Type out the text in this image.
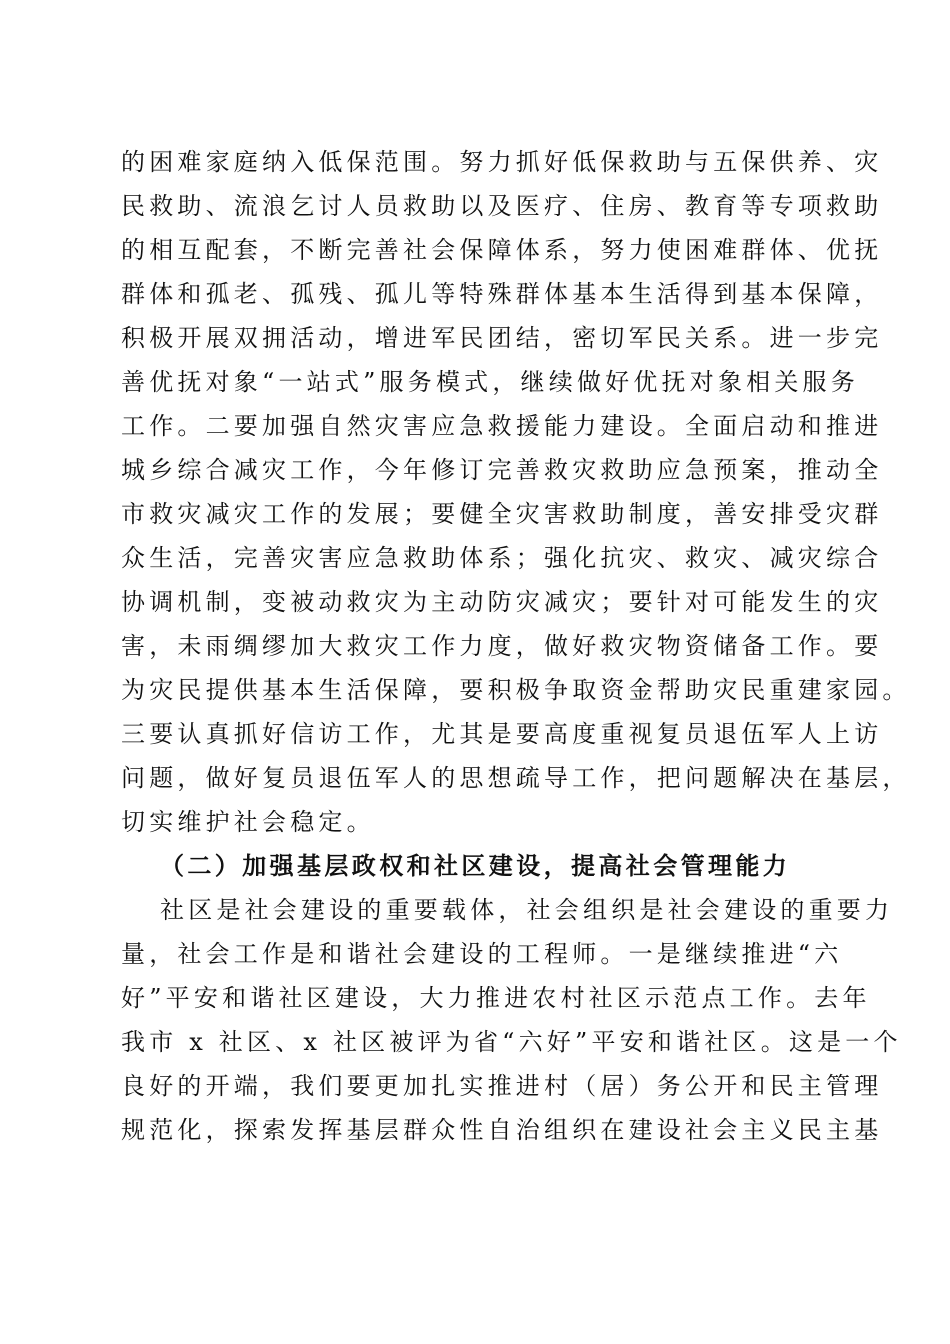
的困难家庭纳入低保范围。努力抓好低保救助与五保供养、灾
民救助、流浪乞讨人员救助以及医疗、住房、教育等专项救助
的相互配套，不断完善社会保障体系，努力使困难群体、优抚
群体和孤老、孤残、孤儿等特殊群体基本生活得到基本保障，
积极开展双拥活动，增进军民团结，密切军民关系。进一步完
善优抚对象“一站式”服务模式，继续做好优抚对象相关服务
工作。二要加强自然灾害应急救援能力建设。全面启动和推进
城乡综合减灾工作，今年修订完善救灾救助应急预案，推动全
市救灾减灾工作的发展；要健全灾害救助制度，善安排受灾群
众生活，完善灾害应急救助体系；强化抗灾、救灾、减灾综合
协调机制，变被动救灾为主动防灾减灾；要针对可能发生的灾
害，未雨绸缪加大救灾工作力度，做好救灾物资储备工作。要
为灾民提供基本生活保障，要积极争取资金帮助灾民重建家园。
三要认真抓好信访工作，尤其是要高度重视复员退伍军人上访
问题，做好复员退伍军人的思想疏导工作，把问题解决在基层，
切实维护社会稳定。
（二）加强基层政权和社区建设，提高社会管理能力
社区是社会建设的重要载体，社会组织是社会建设的重要力
量，社会工作是和谐社会建设的工程师。一是继续推进“六
好”平安和谐社区建设，大力推进农村社区示范点工作。去年
我市 x 社区、x 社区被评为省“六好”平安和谐社区。这是一个
良好的开端，我们要更加扎实推进村（居）务公开和民主管理
规范化，探索发挥基层群众性自治组织在建设社会主义民主基
